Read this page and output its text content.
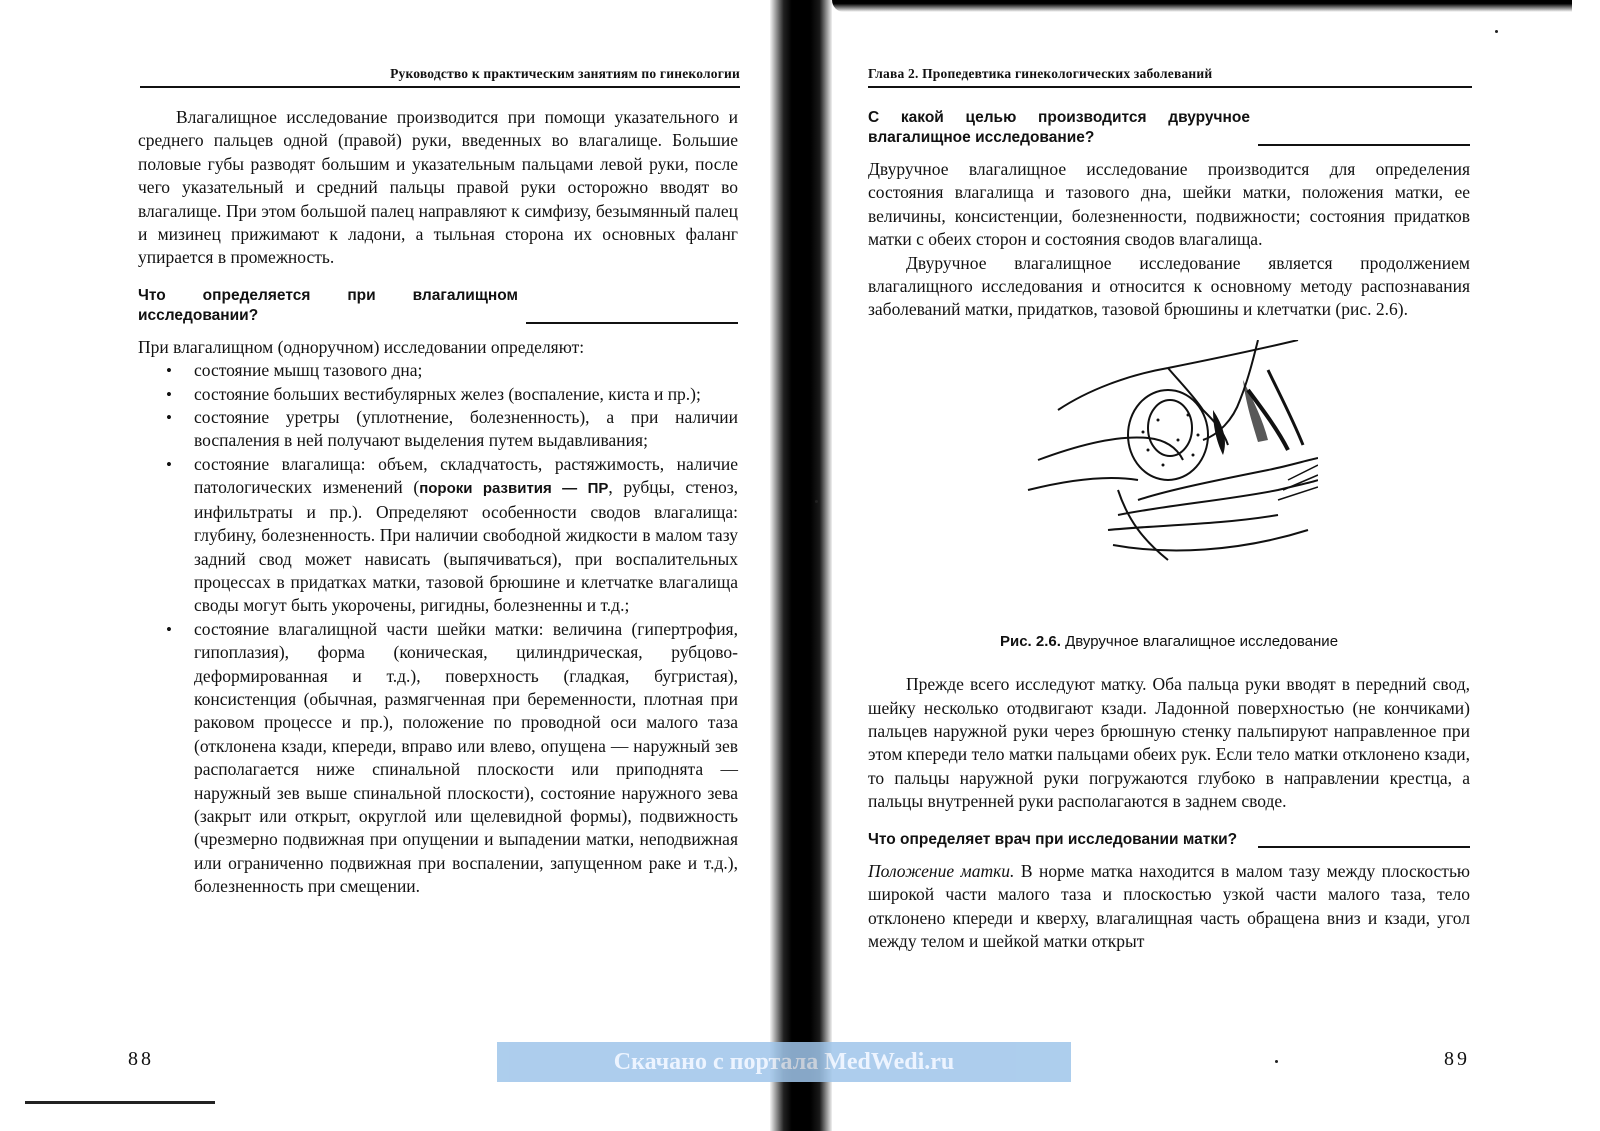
Руководство к практическим занятиям по гинекологии

Влагалищное исследование производится при помощи указательного и среднего пальцев одной (правой) руки, введенных во влагалище. Большие половые губы разводят большим и указательным пальцами левой руки, после чего указательный и средний пальцы правой руки осторожно вводят во влагалище. При этом большой палец направляют к симфизу, безымянный палец и мизинец прижимают к ладони, а тыльная сторона их основных фаланг упирается в промежность.

Что определяется при влагалищном исследовании?

При влагалищном (одноручном) исследовании определяют:

• состояние мышц тазового дна;
• состояние больших вестибулярных желез (воспаление, киста и пр.);
• состояние уретры (уплотнение, болезненность), а при наличии воспаления в ней получают выделения путем выдавливания;
• состояние влагалища: объем, складчатость, растяжимость, наличие патологических изменений (пороки развития — ПР, рубцы, стеноз, инфильтраты и пр.). Определяют особенности сводов влагалища: глубину, болезненность. При наличии свободной жидкости в малом тазу задний свод может нависать (выпячиваться), при воспалительных процессах в придатках матки, тазовой брюшине и клетчатке влагалища своды могут быть укорочены, ригидны, болезненны и т.д.;
• состояние влагалищной части шейки матки: величина (гипертрофия, гипоплазия), форма (коническая, цилиндрическая, рубцово-деформированная и т.д.), поверхность (гладкая, бугристая), консистенция (обычная, размягченная при беременности, плотная при раковом процессе и пр.), положение по проводной оси малого таза (отклонена кзади, кпереди, вправо или влево, опущена — наружный зев располагается ниже спинальной плоскости или приподнята — наружный зев выше спинальной плоскости), состояние наружного зева (закрыт или открыт, округлой или щелевидной формы), подвижность (чрезмерно подвижная при опущении и выпадении матки, неподвижная или ограниченно подвижная при воспалении, запущенном раке и т.д.), болезненность при смещении.
88
Глава 2. Пропедевтика гинекологических заболеваний
С какой целью производится двуручное влагалищное исследование?

Двуручное влагалищное исследование производится для определения состояния влагалища и тазового дна, шейки матки, положения матки, ее величины, консистенции, болезненности, подвижности; состояния придатков матки с обеих сторон и состояния сводов влагалища.

Двуручное влагалищное исследование является продолжением влагалищного исследования и относится к основному методу распознавания заболеваний матки, придатков, тазовой брюшины и клетчатки (рис. 2.6).

Рис. 2.6. Двуручное влагалищное исследование

Прежде всего исследуют матку. Оба пальца руки вводят в передний свод, шейку несколько отодвигают кзади. Ладонной поверхностью (не кончиками) пальцев наружной руки через брюшную стенку пальпируют направленное при этом кпереди тело матки пальцами обеих рук. Если тело матки отклонено кзади, то пальцы наружной руки погружаются глубоко в направлении крестца, а пальцы внутренней руки располагаются в заднем своде.

Что определяет врач при исследовании матки?

Положение матки. В норме матка находится в малом тазу между плоскостью широкой части малого таза и плоскостью узкой части малого таза, тело отклонено кпереди и кверху, влагалищная часть обращена вниз и кзади, угол между телом и шейкой матки открыт

89
Скачано с портала MedWedi.ru
